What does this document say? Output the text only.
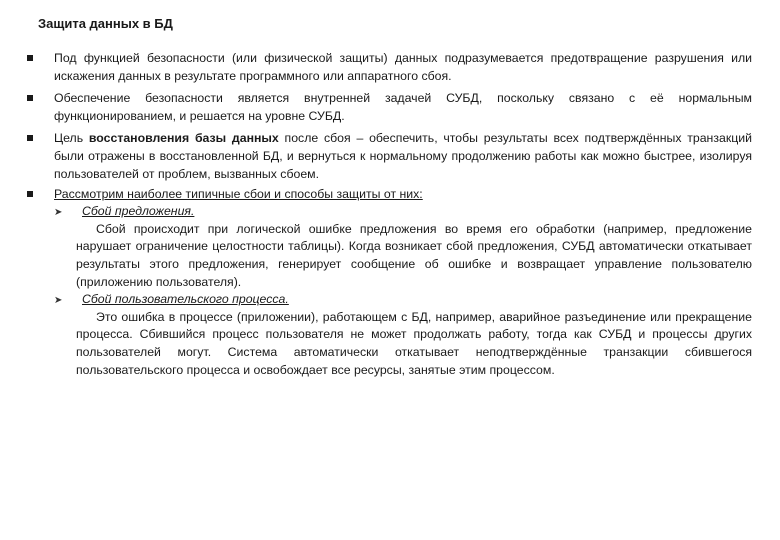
Защита данных в БД
Под функцией безопасности (или физической защиты) данных подразумевается предотвращение разрушения или искажения данных в результате программного или аппаратного сбоя.
Обеспечение безопасности является внутренней задачей СУБД, поскольку связано с её нормальным функционированием, и решается на уровне СУБД.
Цель восстановления базы данных после сбоя – обеспечить, чтобы результаты всех подтверждённых транзакций были отражены в восстановленной БД, и вернуться к нормальному продолжению работы как можно быстрее, изолируя пользователей от проблем, вызванных сбоем.
Рассмотрим наиболее типичные сбои и способы защиты от них:
➤	Сбой предложения.
Сбой происходит при логической ошибке предложения во время его обработки (например, предложение нарушает ограничение целостности таблицы). Когда возникает сбой предложения, СУБД автоматически откатывает результаты этого предложения, генерирует сообщение об ошибке и возвращает управление пользователю (приложению пользователя).
➤	Сбой пользовательского процесса.
Это ошибка в процессе (приложении), работающем с БД, например, аварийное разъединение или прекращение процесса. Сбившийся процесс пользователя не может продолжать работу, тогда как СУБД и процессы других пользователей могут. Система автоматически откатывает неподтверждённые транзакции сбившегося пользовательского процесса и освобождает все ресурсы, занятые этим процессом.
